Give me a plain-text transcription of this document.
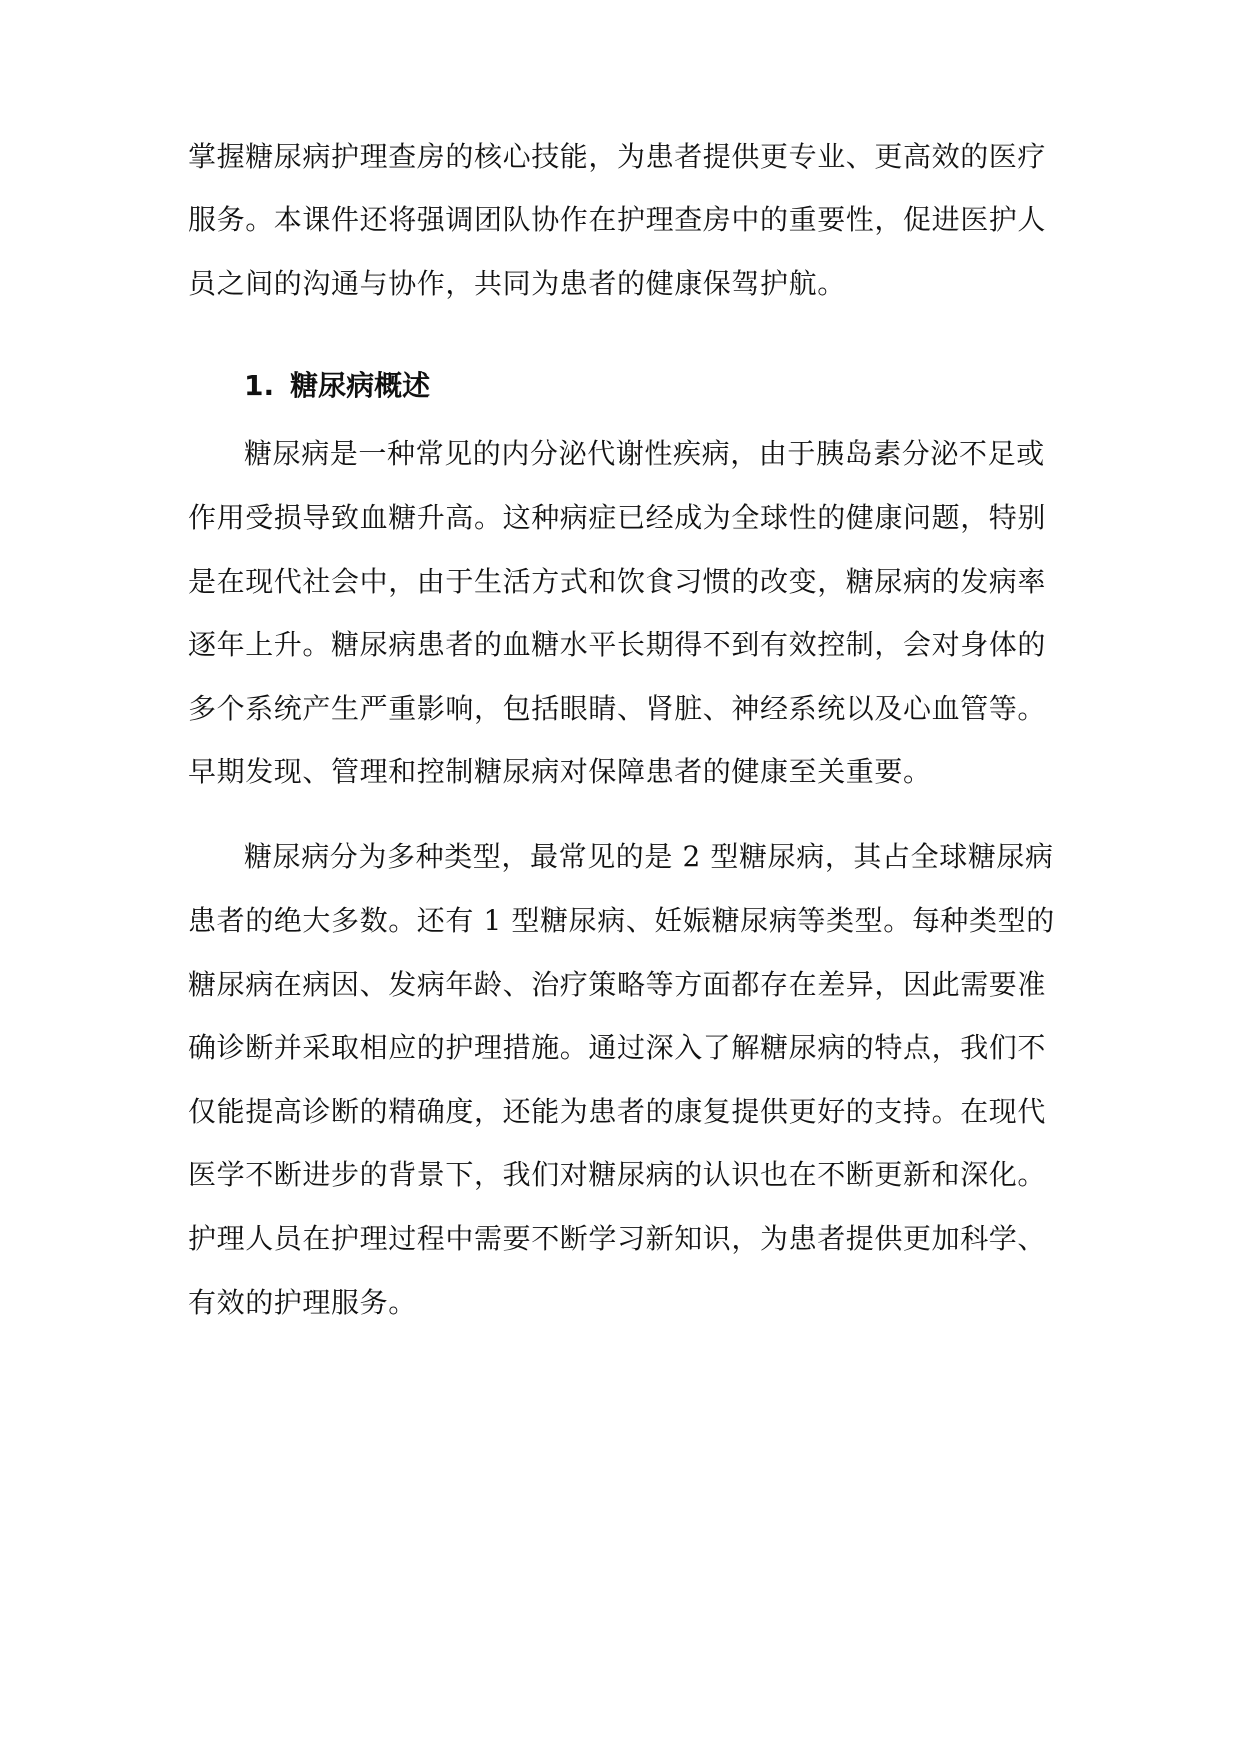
掌握糖尿病护理查房的核心技能，为患者提供更专业、更高效的医疗
服务。本课件还将强调团队协作在护理查房中的重要性，促进医护人
员之间的沟通与协作，共同为患者的健康保驾护航。
1. 糖尿病概述
糖尿病是一种常见的内分泌代谢性疾病，由于胰岛素分泌不足或
作用受损导致血糖升高。这种病症已经成为全球性的健康问题，特别
是在现代社会中，由于生活方式和饮食习惯的改变，糖尿病的发病率
逐年上升。糖尿病患者的血糖水平长期得不到有效控制，会对身体的
多个系统产生严重影响，包括眼睛、肾脏、神经系统以及心血管等。
早期发现、管理和控制糖尿病对保障患者的健康至关重要。
糖尿病分为多种类型，最常见的是 2 型糖尿病，其占全球糖尿病
患者的绝大多数。还有 1 型糖尿病、妊娠糖尿病等类型。每种类型的
糖尿病在病因、发病年龄、治疗策略等方面都存在差异，因此需要准
确诊断并采取相应的护理措施。通过深入了解糖尿病的特点，我们不
仅能提高诊断的精确度，还能为患者的康复提供更好的支持。在现代
医学不断进步的背景下，我们对糖尿病的认识也在不断更新和深化。
护理人员在护理过程中需要不断学习新知识，为患者提供更加科学、
有效的护理服务。
